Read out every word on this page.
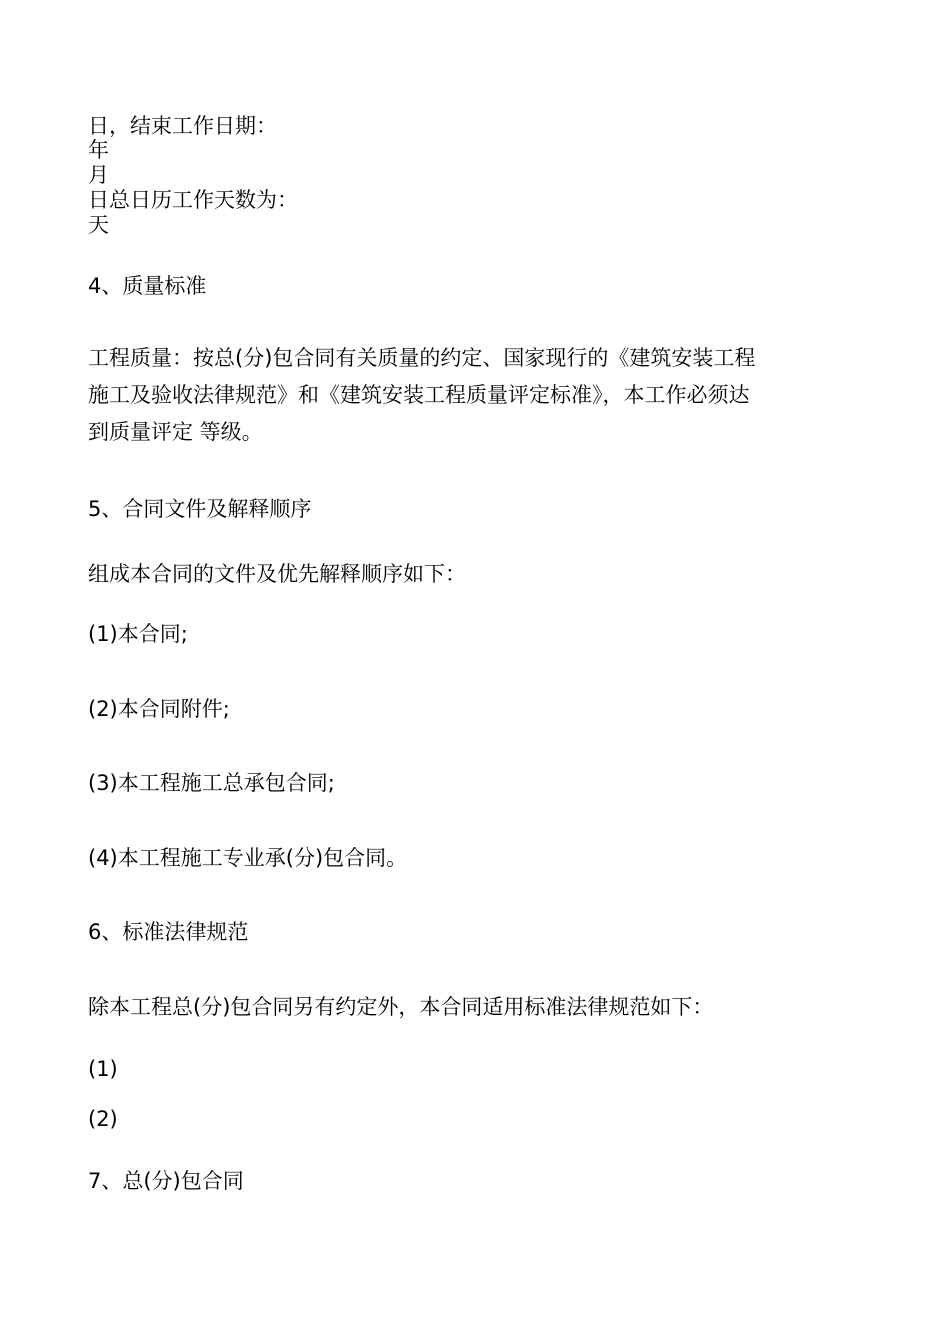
日，结束工作日期：
年
月
日总日历工作天数为：
天
4、质量标准
工程质量：按总(分)包合同有关质量的约定、国家现行的《建筑安装工程
施工及验收法律规范》和《建筑安装工程质量评定标准》，本工作必须达
到质量评定 等级。
5、合同文件及解释顺序
组成本合同的文件及优先解释顺序如下：
(1)本合同;
(2)本合同附件;
(3)本工程施工总承包合同;
(4)本工程施工专业承(分)包合同。
6、标准法律规范
除本工程总(分)包合同另有约定外，本合同适用标准法律规范如下：
(1)
(2)
7、总(分)包合同
